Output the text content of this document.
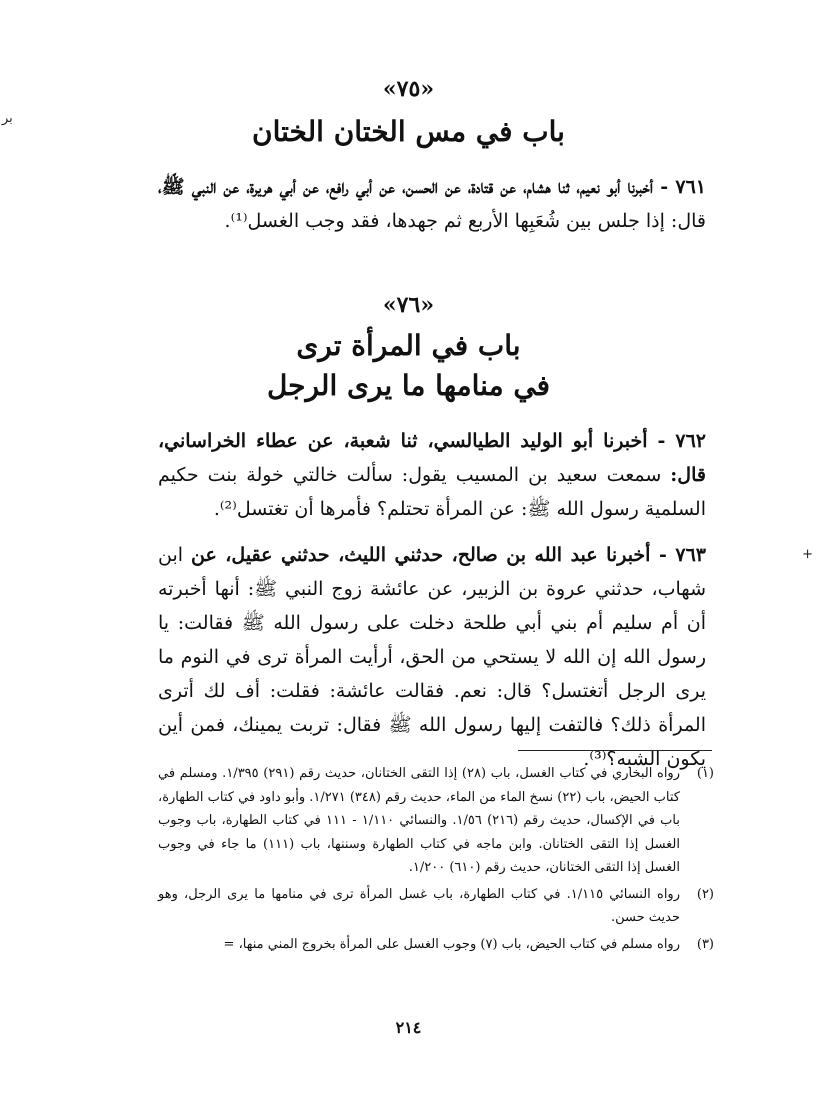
بر
+
«٧٥»
باب في مس الختان الختان
٧٦١ - أخبرنا أبو نعيم، ثنا هشام، عن قتادة، عن الحسن، عن أبي رافع، عن أبي هريرة، عن النبي ﷺ، قال: إذا جلس بين شُعَبِها الأربع ثم جهدها، فقد وجب الغسل⁽¹⁾.
«٧٦»
باب في المرأة ترى
في منامها ما يرى الرجل
٧٦٢ - أخبرنا أبو الوليد الطيالسي، ثنا شعبة، عن عطاء الخراساني، قال: سمعت سعيد بن المسيب يقول: سألت خالتي خولة بنت حكيم السلمية رسول الله ﷺ: عن المرأة تحتلم؟ فأمرها أن تغتسل⁽²⁾.
٧٦٣ - أخبرنا عبد الله بن صالح، حدثني الليث، حدثني عقيل، عن ابن شهاب، حدثني عروة بن الزبير، عن عائشة زوج النبي ﷺ: أنها أخبرته أن أم سليم أم بني أبي طلحة دخلت على رسول الله ﷺ فقالت: يا رسول الله إن الله لا يستحي من الحق، أرأيت المرأة ترى في النوم ما يرى الرجل أتغتسل؟ قال: نعم. فقالت عائشة: فقلت: أف لك أترى المرأة ذلك؟ فالتفت إليها رسول الله ﷺ فقال: تربت يمينك، فمن أين يكون الشبه؟⁽³⁾.
(١)
رواه البخاري في كتاب الغسل، باب (٢٨) إذا التقى الختانان، حديث رقم (٢٩١) ١/٣٩٥. ومسلم في كتاب الحيض، باب (٢٢) نسخ الماء من الماء، حديث رقم (٣٤٨) ١/٢٧١. وأبو داود في كتاب الطهارة، باب في الإكسال، حديث رقم (٢١٦) ١/٥٦. والنسائي ١/١١٠ - ١١١ في كتاب الطهارة، باب وجوب الغسل إذا التقى الختانان. وابن ماجه في كتاب الطهارة وسننها، باب (١١١) ما جاء في وجوب الغسل إذا التقى الختانان، حديث رقم (٦١٠) ١/٢٠٠.
(٢)
رواه النسائي ١/١١٥. في كتاب الطهارة، باب غسل المرأة ترى في منامها ما يرى الرجل، وهو حديث حسن.
(٣)
رواه مسلم في كتاب الحيض، باب (٧) وجوب الغسل على المرأة بخروج المني منها، =
٢١٤
